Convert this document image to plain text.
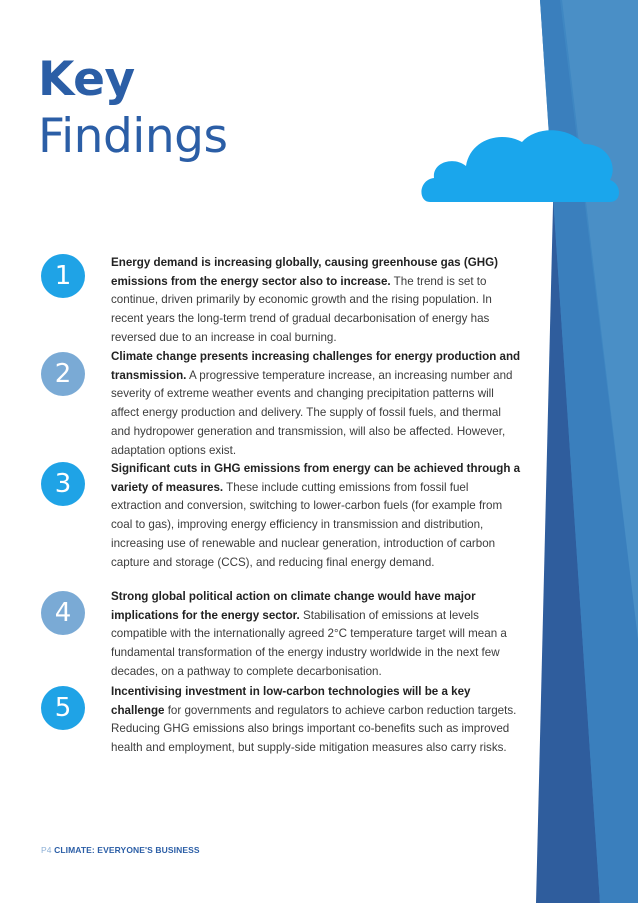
Key
Findings
1	Energy demand is increasing globally, causing greenhouse gas (GHG) emissions from the energy sector also to increase. The trend is set to continue, driven primarily by economic growth and the rising population. In recent years the long-term trend of gradual decarbonisation of energy has reversed due to an increase in coal burning.
2
Climate change presents increasing challenges for energy production and transmission. A progressive temperature increase, an increasing number and severity of extreme weather events and changing precipitation patterns will affect energy production and delivery. The supply of fossil fuels, and thermal and hydropower generation and transmission, will also be affected. However, adaptation options exist.
3
Significant cuts in GHG emissions from energy can be achieved through a variety of measures. These include cutting emissions from fossil fuel extraction and conversion, switching to lower-carbon fuels (for example from coal to gas), improving energy efficiency in transmission and distribution, increasing use of renewable and nuclear generation, introduction of carbon capture and storage (CCS), and reducing final energy demand.
4
Strong global political action on climate change would have major implications for the energy sector. Stabilisation of emissions at levels compatible with the internationally agreed 2°C temperature target will mean a fundamental transformation of the energy industry worldwide in the next few decades, on a pathway to complete decarbonisation.
5
Incentivising investment in low-carbon technologies will be a key challenge for governments and regulators to achieve carbon reduction targets. Reducing GHG emissions also brings important co-benefits such as improved health and employment, but supply-side mitigation measures also carry risks.
P4 CLIMATE: EVERYONE'S BUSINESS
